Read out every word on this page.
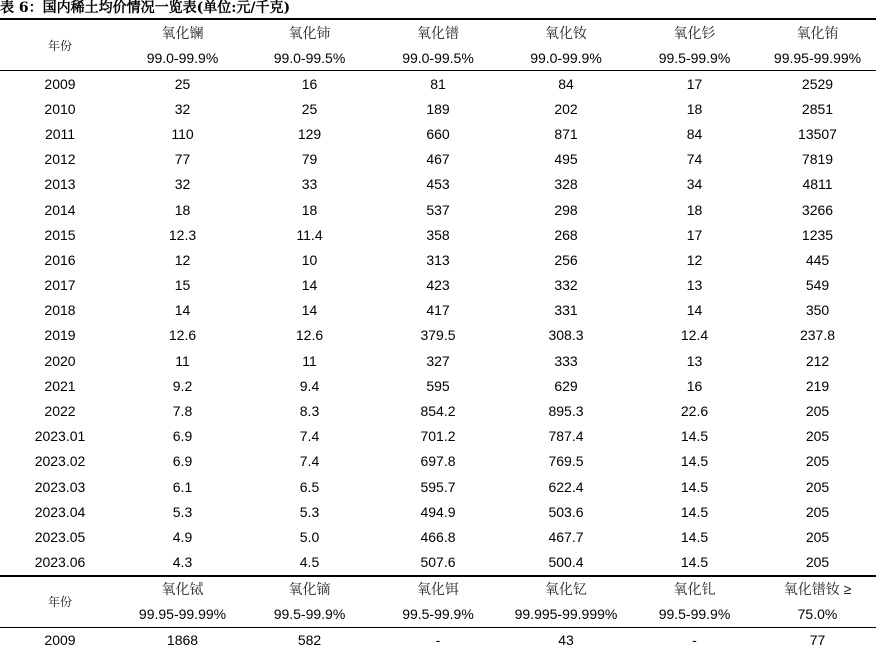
表 6：国内稀土均价情况一览表(单位:元/千克)
年份	氧化镧	氧化铈	氧化镨	氧化钕	氧化钐	氧化铕
	99.0-99.9%	99.0-99.5%	99.0-99.5%	99.0-99.9%	99.5-99.9%	99.95-99.99%
2009	25	16	81	84	17	2529
2010	32	25	189	202	18	2851
2011	110	129	660	871	84	13507
2012	77	79	467	495	74	7819
2013	32	33	453	328	34	4811
2014	18	18	537	298	18	3266
2015	12.3	11.4	358	268	17	1235
2016	12	10	313	256	12	445
2017	15	14	423	332	13	549
2018	14	14	417	331	14	350
2019	12.6	12.6	379.5	308.3	12.4	237.8
2020	11	11	327	333	13	212
2021	9.2	9.4	595	629	16	219
2022	7.8	8.3	854.2	895.3	22.6	205
2023.01	6.9	7.4	701.2	787.4	14.5	205
2023.02	6.9	7.4	697.8	769.5	14.5	205
2023.03	6.1	6.5	595.7	622.4	14.5	205
2023.04	5.3	5.3	494.9	503.6	14.5	205
2023.05	4.9	5.0	466.8	467.7	14.5	205
2023.06	4.3	4.5	507.6	500.4	14.5	205
年份	氧化铽	氧化镝	氧化铒	氧化钇	氧化钆	氧化镨钕 ≥
	99.95-99.99%	99.5-99.9%	99.5-99.9%	99.995-99.999%	99.5-99.9%	75.0%
2009	1868	582	-	43	-	77
